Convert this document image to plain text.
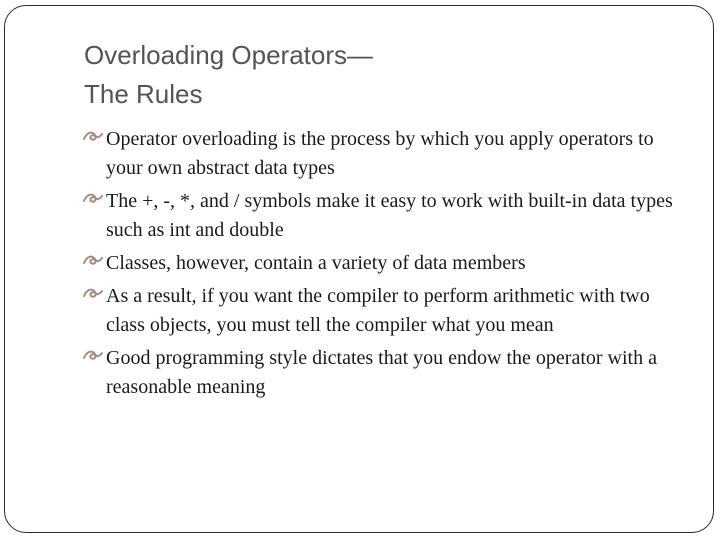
Overloading Operators—
The Rules
Operator overloading is the process by which you apply operators to your own abstract data types
The +, -, *, and / symbols make it easy to work with built-in data types such as int and double
Classes, however, contain a variety of data members
As a result, if you want the compiler to perform arithmetic with two class objects, you must tell the compiler what you mean
Good programming style dictates that you endow the operator with a reasonable meaning
